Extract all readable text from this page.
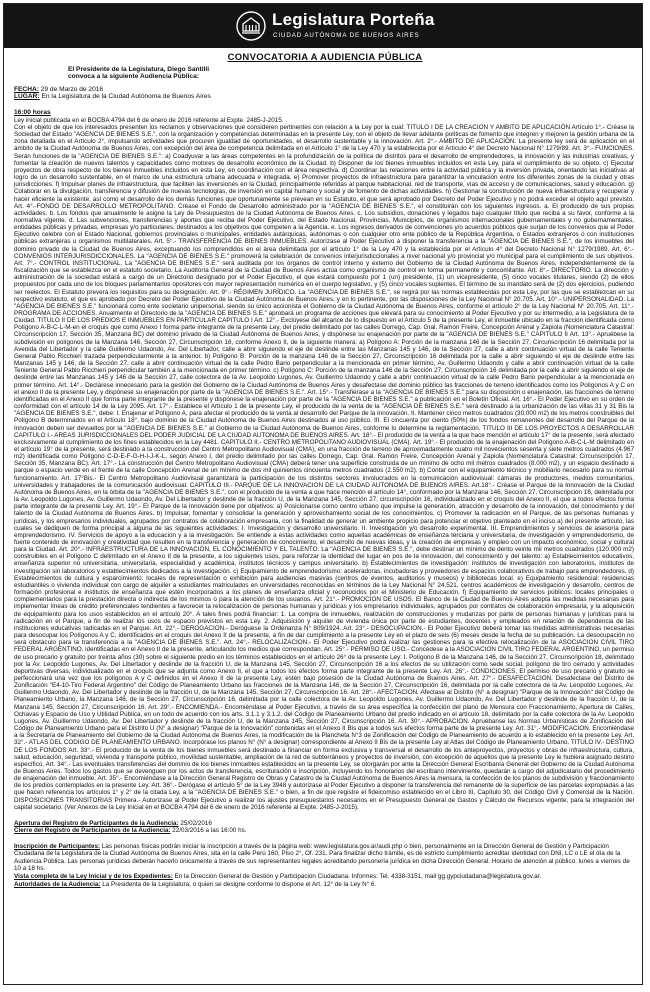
Legislatura Porteña
CIUDAD AUTÓNOMA DE BUENOS AIRES
CONVOCATORIA A AUDIENCIA PÚBLICA
El Presidente de la Legislatura, Diego Santilli
convoca a la siguiente Audiencia Pública:
FECHA: 29 de Marzo de 2016
LUGAR: En la Legislatura de la Ciudad Autónoma de Buenos Aires
16:00 horas
Ley inicial publicada en el BOCBA 4794 del 6 de enero de 2016 referente al Expte. 2485-J-2015.
Con el objeto de que los interesados presenten los reclamos y observaciones que consideren pertinentes con relación a la Ley por la cual: TITULO I DE LA CREACION Y AMBITO DE APLICACIÓN Artículo 1°.- Créase la Sociedad del Estado "AGENCIA DE BIENES S.E.", con la organización y competencias determinadas en la presente Ley, con el objeto de llevar adelante políticas de fomento que integren y mejoren la gestión urbana de la zona detallada en el Artículo 2°, impulsando actividades que procuren igualdad de oportunidades, el desarrollo sustentable y la innovación. Art. 2°.- AMBITO DE APLICACIÓN. La presente ley será de aplicación en el ámbito de la Ciudad Autónoma de Buenos Aires, con excepción del área de competencia delimitada en el Artículo 1° de la Ley 470 y la establecida por el Artículo 4° del Decreto Nacional N° 1279/89. Art. 3°.- FUNCIONES. Serán funciones de la "AGENCIA DE BIENES S.E.": a) Coadyuvar a las áreas competentes en la profundización de la política de distritos para el desarrollo de emprendedores, la innovación y las industrias creativas, y fomentar la creación de nuevos talentos y capacidades como motores de desarrollo económico de la Ciudad. b) Disponer de los bienes inmuebles incluidos en esta Ley, para el cumplimiento de su objeto. c) Ejecutar proyectos de obra respecto de los bienes inmuebles incluidos en esta Ley, en coordinación con el área respectiva. d) Coordinar las relaciones entre la actividad pública y la inversión privada, orientando las iniciativas al logro de un desarrollo sustentable, en el marco de una estructura urbana adecuada e integrada. e) Promover proyectos de infraestructura para garantizar la vinculación entre los diferentes zonas de la ciudad y otras jurisdicciones. f) Impulsar planes de infraestructura, que faciliten las inversiones en la Ciudad, principalmente referidas al parque habitacional, red de transporte, vías de acceso y de comunicaciones, salud y educación. g) Colaborar en la divulgación, transferencia y difusión de nuevas tecnologías, de inversión en capital humano y social y de fomento de dichas actividades. h) Gestionar la construcción de nueva infraestructura y recuperar y hacer eficiente la existente, así como el desarrollo de los demás funciones que oportunamente se prevean en su Estatuto, el que será aprobado por Decreto del Poder Ejecutivo y no podrá exceder el objeto aquí previsto. Art. 4°.-FONDO DE DESARROLLO METROPOLITANO. Créase el Fondo de Desarrollo administrado por la "AGENCIA DE BIENES S.E.", el constituirán con los siguientes ingresos. a. El producido de sus propias actividades. b. Los fondos que anualmente le asigne la Ley de Presupuestos de la Ciudad Autónoma de Buenos Aires. c. Los subsidios, donaciones y legados bajo cualquier título que reciba a su favor, conforme a la normativa vigente. d. Las subvenciones, transferencias y aportes que reciba del Poder Ejecutivo, del Estado Nacional, Provincias, Municipios, de organismos internacionales gubernamentales y no gubernamentales, entidades públicas y privadas, empresas y/o particulares, destinados a los objetivos que competen a la Agencia. e. Los ingresos derivados de convenciones y/o acuerdos públicos que surjan de los convenios que el Poder Ejecutivo celebre con el Estado Nacional, gobiernos provinciales o municipales, entidades autárquicas, autónomas o con cualquier otro ente público de la República Argentina, o Estados extranjeros o con instituciones públicas extranjeras u organismos multilaterales. Art. 5°.- TRANSFERENCIA DE BIENES INMUEBLES. Autorízase al Poder Ejecutivo a disponer la transferencia a la "AGENCIA DE BIENES S.E.", de los inmuebles del dominio privado de la Ciudad de Buenos Aires, exceptuando los comprendidos en el área delimitada por el artículo 1° de la Ley 470 y la establecida por el Artículo 4° del Decreto Nacional N° 1279/1989. Art. 6°.- CONVENIOS INTERJURISDICCIONALES. La "AGENCIA DE BIENES S.E." promoverá la celebración de convenios interjurisdiccionales a nivel nacional y/o provincial y/o municipal para el cumplimiento de sus objetivos. Art. 7°.- CONTROL INSTITUCIONAL. La "AGENCIA DE BIENES S.E." será auditada por los órganos de control interno y externo del Gobierno de la Ciudad Autónoma de Buenos Aires, independientemente de la fiscalización que se establezca en el estatuto societario. La Auditoría General de la Ciudad de Buenos Aires actúa como organismo de control en forma permanente y concomitante. Art. 8°.- DIRECTORIO. La dirección y administración de la sociedad estará a cargo de un Directorio designado por el Poder Ejecutivo, el que estará compuesto por 1 (un) presidente, (1) un vicepresidente, (5) cinco vocales titulares, siendo (2) de ellos propuestos por cada uno de los bloques parlamentarios opositores con mayor representación numérica en el cuerpo legislativo, y (5) cinco vocales suplentes. El término de su mandato será de (2) dos ejercicios, pudiendo ser reelectos. El Estatuto preverá los requisitos para su designación. Art. 9°.- RÉGIMEN JURÍDICO. La "AGENCIA DE BIENES S.E.", se regirá por las normas establecidas por esta Ley, por las que se establezcan en su respectivo estatuto, el que es aprobado por Decreto del Poder Ejecutivo de la Ciudad Autónoma de Buenos Aires, y en lo pertinente, por las disposiciones de la Ley Nacional N° 20.705. Art. 10°.- UNIPERSONALIDAD. La "AGENCIA DE BIENES S.E." funcionará como ente societario unipersonal, siendo su único accionista el Gobierno de la Ciudad Autónoma de Buenos Aires, conforme el artículo 2° de la Ley Nacional N° 20.705. Art. 11°.- PROGRAMA DE ACCIONES. Anualmente el Directorio de la "AGENCIA DE BIENES S.E." aprobará un programa de acciones que elevará para su conocimiento al Poder Ejecutivo y por su intermedio, a la Legislatura de la Ciudad. TITULO II DE LOS PREDIOS E INMUEBLES EN PARTICULAR CAPITULO I Art. 12°.- Exclúyese del alcance de lo dispuesto en el Artículo 5 de la presente Ley, el inmueble ubicado en la fracción identificada como Polígono A-B-C-L-M-en el croquis que como Anexo I forma parte integrante de la presente Ley, del predio delimitado por las calles Dorrego, Cap. Gral. Ramón Freire, Concepción Arenal y Zapiola (Nomenclatura Catastral: Circunscripción 17, Sección 35, Manzana BC) del dominio privado de la Ciudad Autónoma de Buenos Aires, y dispónese su enajenación por parte de la "AGENCIA DE BIENES S.E." CAPITULO II Art. 13°.- Apruébese la subdivisión en polígonos de la Manzana 146, Sección 27, Circunscripción 16, conforme Anexo II, de la siguiente manera: a) Polígono A: Porción de la manzana 146 de la Sección 27, Circunscripción 16 delimitada por la Avenida del Libertador y la calle Guillermo Udaondo, Av. Del Libertador, calle a abrir siguiendo el eje de deslinde entre las Manzanas 145 y 146, de la Sección 27, calle a abrir continuación virtual de la calle Teniente General Pablo Ricchieri trazada perpendicularmente a la anterior. b) Polígono B: Porción de la manzana 146 de la Sección 27, Circunscripción 16 delimitada por la calle a abrir siguiendo el eje de deslinde entre las Manzanas 145 y 146, de la Sección 27, calle a abrir continuación virtual de la calle Pedro Bario perpendicular a la mencionada en primer término, Av. Guillermo Udaondo y calle a abrir continuación virtual de la calle Teniente General Pablo Ricchieri perpendicular también a la mencionada en primer término. c) Polígono C: Porción de la manzana 146 de la Sección 27, Circunscripción 16 delimitada por la calle a abrir siguiendo el eje de deslinde entre las Manzanas 145 y 146 de la Sección 27, calle colectora de la Av. Leopoldo Lugones, Av. Guillermo Udaondo y calle a abrir continuación virtual de la calle Pedro Bario perpendicular a la mencionada en primer término. Art. 14°.- Declárese innecesario para la gestión del Gobierno de la Ciudad Autónoma de Buenos Aires y desafectase del dominio público las fracciones de terreno identificados como los Polígonos A y C en el anexo II de la presente Ley, y dispónese su enajenación por parte de la "AGENCIA DE BIENES S.E.". Art. 15°.- Transfiérase a la "AGENCIA DE BIENES S.E." para su disposición o enajenación, las fracciones de terreno identificadas en el Anexo II que forma parte integrante de la presente y dispónese la enajenación por parte de la "AGENCIA DE BIENES S.E." a publicación en el Boletín Oficial. Art. 16°.- El Poder Ejecutivo en su orden de conformidad con el artículo 14 de la Ley 2095. Art. 17°.- Establece el Artículo 1 de la presente Ley, el producido de la venta de la "AGENCIA DE BIENES S.E." será destinado a la urbanización de las villas 31 y 31 Bis la "AGENCIA DE BIENES S.E.", debe: I. Enajenar el Polígono A, para afectar el producido de la venta al desarrollo del Parque de la Innovación. II. Mantener cinco metros cuadrados (30.000 m2) de los metros construibles del Polígono B determinados en el Artículo 18°, bajo dominio de la Ciudad Autónoma de Buenos Aires destinados al uso público. III. El cincuenta por ciento (50%) de los fondos remanentes del desarrollo del Parque de la Innovación deben ser devueltos por la "AGENCIA DE BIENES S.E." al Gobierno de la Ciudad Autónoma de Buenos Aires, conforme lo determine la reglamentación. TITULO III DE LOS PROYECTOS A DESARROLLAR CAPITULO I.- AREAS JURISDICCIONALES DEL PODER JUDICIAL DE LA CIUDAD AUTONOMA DE BUENOS AIRES. Art. 18°.- El producido de la venta a la que hace mención el artículo 17° de la presente, será afectado exclusivamente al cumplimiento de los fines establecidos en la Ley 4481. CAPITULO II.- CENTRO METROPOLITANO AUDIOVISUAL (CMA). Art. 19°.- El producido de la enajenación del Polígono A-B-C-L-M delimitado en el artículo 19° de la presente, será destinado a la construcción del Centro Metropolitano Audiovisual (CMA), en una fracción de terreno de aproximadamente cuatro mil novecientos sesenta y siete metros cuadrados (4.967 m2) identificada como Polígono C-D-E-F-G-H-I-J-K-L, según Anexo I, del predio delimitado por las calles Dorrego, Cap. Gral. Ramón Freire, Concepción Arenal y Zapiola (Nomenclatura Catastral: Circunscripción 17, Sección 35, Manzana BC). Art. 17°.- La construcción del Centro Metropolitano Audiovisual (CMA) deberá tener una superficie construida de un mínimo de ocho mil metros cuadrados (8.000 m2), y un espacio destinado a parque o espacio verde en el frente de la calle Concepción Arenal de un mínimo de dos mil quinientos cincuenta metros cuadrados (2.550 m2). b) Contar con el equipamiento técnico y mobiliario necesario para su normal funcionamiento. Art. 17°Bis.- El Centro Metropolitano Audiovisual garantizará la participación de los distintos sectores involucrados en la comunicación audiovisual: cámaras de productores, medios comunitarios, universidades y trabajadores de la comunicación audiovisual. CAPITULO III.- PARQUE DE LA INNOVACION DE LA CIUDAD AUTONOMA DE BUENOS AIRES. Art.18°.- Créase el Parque de la Innovación de la Ciudad Autónoma de Buenos Aires, en la órbita de la "AGENCIA DE BIENES S.E.", con el producido de la venta a que hace mención el artículo 14°, conformado por la Manzana 146, Sección 27, Circunscripción 16, delimitada por la Av. Leopoldo Lugones, Av. Guillermo Udaondo, Av. Del Libertador y deslinde de la fracción U, de la Manzana 145, Sección 27, circunscripción 16, individualizado en el croquis del Anexo II, el que a todos efectos forma parte integrante de la presente Ley. Art. 19°.- El Parque de la Innovación tiene por objetivos: a) Posicionarse como centro urbano que impulse la generación, atracción y desarrollo de la innovación, del conocimiento y del talento de la Ciudad Autónoma de Buenos Aires. b) Impulsar, fomentar y consolidar la generación y aprovechamiento social de los conocimientos. c) Promover la radicación en el Parque, de las personas humanas y jurídicas, y los empresarios individuales, agrupados por contratos de colaboración empresaria, con la finalidad de generar un ambiente propicio para potenciar el objetivo planteado en el inciso a) del presente artículo, las cuales se dediquen de forma principal a alguna de las siguientes actividades: I. Investigación y desarrollo universitario. II. Investigación y/o desarrollo experimental. III. Emprendimientos y servicios de asesoría para emprendedorismo. IV. Servicios de apoyo a la educación y a la investigación. Se entiende a estas actividades como aquellas académicas de enseñanza terciaria y universitaria, de investigación y emprendedorismo, de fuerte contenido de innovación y creatividad que resulten en la transferencia y generación de conocimiento, el desarrollo de nuevas ideas, y la creación de empresas y empleo con un impacto económico, social y cultural para la Ciudad. Art. 20°.- INFRAESTRUCTURA DE LA INNOVACIÓN, EL CONOCIMIENTO Y EL TALENTO. La "AGENCIA DE BIENES S.E.", debe destinar un mínimo de dento veinte mil metros cuadrados (120.000 m2) construibles en el Polígono C delimitado en el Anexo II de la presente, a los siguientes usos, para reforzar la identidad del lugar en pos de la innovación, del conocimiento y del talento: a) Establecimientos educativos; enseñanza superior no universitaria, universitaria, especialidad y académica, institutos técnicos y campus universitario. b) Establecimientos de investigación: institutos de investigación con laboratorios, institutos de investigación sin laboratorios y establecimientos dedicados a la investigación. c) Equipamiento de emprendedorismo: aceleradoras, incubadoras y proveedores de espacios colaborativos de trabajo para emprendedores. d) Establecimientos de cultura y esparcimiento: locales de representación o exhibición para audiencias masivas (centros de eventos, auditorios y museos) y bibliotecas local. e) Equipamiento residencial: residencias estudiantiles o vivienda individual con cargo de alquiler a estudiantes matriculados en universidades reconocidas en términos de la Ley Nacional N° 24.521, centros académicos de investigación y desarrollo, centros de formación profesional e institutos de enseñanza que estén incorporados a los planes de enseñanza oficial y reconocidos por el Ministerio de Educación. f) Equipamiento de servicios públicos: locales principales o complementarios para la prestación directa o indirecta de los mismos o para la atención de los usuarios. Art. 21°.- PROMOCION DE USOS. El Banco de la Ciudad de Buenos Aires adopta las medidas necesarias para implementar líneas de crédito preferenciales tendientes a favorecer la relocalización de personas humanas y jurídicas y los empresarios individuales, agrupados por contratos de colaboración empresaria, y la adquisición de equipamiento para los usos establecidos en el artículo 20°. A tales fines podrá financiar: 1. La compra de inmuebles, realización de construcciones y mudanzas por parte de personas humanas y jurídicas para la radicación en el Parque, a fin de realizar los usos de espacio previstos en esta Ley. 2. Adquisición y alquiler de vivienda única por parte de estudiantes, docentes y empleados en relación de dependencia de las instituciones educativas radicadas en el Parque. Art. 22°.- DEROGACION.- Deróguese la Ordenanza N° 809/1924. Art. 23°.- DESOCUPACION.- El Poder Ejecutivo deberá tomar las medidas administrativas necesarias para desocupar los Polígonos A y C, identificados en el croquis del Anexo II de la presente, a fin de dar cumplimiento a la presente Ley en el plazo de seis (6) meses desde la fecha de su publicación. La desocupación no será obstáculo para la transferencia a la "AGENCIA DE BIENES S.E.". Art. 24°.- RELOCALIZACION.- El Poder Ejecutivo podrá realizar las gestiones para la efectiva relocalización de la ASOCIACION CIVIL TIRO FEDERAL ARGENTINO, identificadas en el Anexo II de la presente, articulando los medios que correspondan. Art. 25°.- PERMISO DE USO.- Concédese a la ASOCIACION CIVIL TIRO FEDERAL ARGENTINO, un permiso de uso precario y gratuito por treinta años (30) sobre el siguiente predio en los términos establecidos en el artículo 26° de la presente Ley: I. Polígono B de la Manzana 146, de la Sección 27, Circunscripción 18, delimitado por la Av. Leopoldo Lugones, Av. Del Libertador y deslinde de la fracción U, de la Manzana 145, Sección 27, Circunscripción 16 a los efectos de su utilización como sede social, polígono de tiro cerrado y actividades deportivas diversas, individualizado en el croquis que se adjunta como Anexo II, el que a todos los efectos forma parte integrante de la presente Ley. Art. 26°.- CONDICIONES. El permiso de uso precario y gratuito se perfeccionará una vez que los polígonos A y C definidos en el Anexo II de la presente Ley, estén bajo posesión de la Ciudad Autónoma de Buenos Aires. Art. 27°.- DESAFECTACION. Desafectase del Distrito de Zonificación "E4-10-Tiro Federal Argentino" del Código de Planeamiento Urbano las fracciones de la Manzana 146, de la Sección 27, Circunscripción 16, delimitada por la calle colectora de la Av. Leopoldo Lugones, Av. Guillermo Udaondo, Av. Del Libertador y deslinde de la fracción U, de la Manzana 145, Sección 27, Circunscripción 16. Art. 28°.- AFECTACION. Afectase al Distrito (N° a designar) "Parque de la Innovación" del Código de Planeamiento Urbano, la Manzana 146, de la Sección 27, Circunscripción 16, delimitada por la calle colectora de la Av. Leopoldo Lugones, Av. Guillermo Udaondo, Av. Del Libertador y deslinde de la fracción U, de la Manzana 145, Sección 27, Circunscripción 16. Art. 29°.- ENCOMIENDA.- Encomiéndase al Poder Ejecutivo, a través de su área específica la confección del plano de Mensura con Fraccionamiento, Apertura de Calles, Ochavas y Espacio de Uso y Utilidad Pública, en un todo de acuerdo con los arts. 3.1.1 y 3.1.2. del Código de Planeamiento Urbano del predio indicado en el artículo 18, delimitado por la calle colectora de la Av. Leopoldo Lugones, Av. Guillermo Udaondo, Av. Del Libertador y deslinde de la fracción U, de la Manzana 145, Sección 27, Circunscripción 16. Art. 30°.- APROBACION. Apruébanse las Normas Urbanísticas de Zonificación del Código de Planeamiento Urbano para el Distrito U (N° a designar) "Parque de la Innovación" contenidas en el Anexo II Bis que a todos sus efectos forma parte de la presente Ley. Art. 31°.- MODIFICACION. Encomiéndase a la Secretaría de Planeamiento del Gobierno de la Ciudad Autónoma de Buenos Aires, la modificación de la Plancheta N°3 de Zonificación del Código de Planeamiento de acuerdo a lo establecido en la presente Ley. Art. 32°.- ATLAS DEL CODIGO DE PLANEAMIENTO URBANO. Incorpórase los planos N° (N° a designar) correspondiente al Anexo II Bis de la presente Ley al Atlas del Código de Planeamiento Urbano. TITULO IV.- DESTINO DE LOS FONDOS Art. 33°.- El producido de la venta de los bienes inmuebles será destinado a financiar en forma exclusiva y transversal el desarrollo de los anteproyectos, proyectos y obras de infraestructura, cultura, salud, educación, seguridad, vivienda y transporte público, movilidad sustentable, ampliación de la red de subterráneos y proyectos de inversión, con excepción de aquellos que la presente Ley le hubiera asignado destino específico. Art. 34°.- Las eventuales transferencias del dominio de los bienes inmuebles establecidos en la presente Ley, se otorgarán por ante la Dirección General Escribanía General del Gobierno de la Ciudad Autónoma de Buenos Aires. Todos los gastos que se devenguen por los actos de transferencia, escrituración e inscripción, incluyendo los honorarios del escribano interviniente, quedarán a cargo del adjudicatario del procedimiento de enajenación del inmueble. Art. 35°.- Encomiéndase a la Dirección General Registro de Obras y Catastro de la Ciudad Autónoma de Buenos Aires la mensura, la confección de los planos de subdivisión y fraccionamiento de los predios contemplados en la presente Ley. Art. 36°.- Derógase el artículo 5° de la Ley 3948 y autorizase al Poder Ejecutivo a disponer la transferencia del remanente de la superficie de las parcelas expropiadas a las que hacen referencia los artículos 1° y 2° de la citada Ley, a la "AGENCIA DE BIENES S.E." o bien, a fin de que registre el fideicomiso establecido en el Libro III, Capítulo 30, del Código Civil y Comercial de la Nación. DISPOSICIONES TRANSITORIAS Primera.- Autorízase al Poder Ejecutivo a realizar los ajustes presupuestarios necesarios en el Presupuesto General de Gastos y Cálculo de Recursos vigente, para la integración del capital societario. (Ver Anexos de la Ley Inicial en el BOCBA 4794 del 6 de enero de 2016 referente al Expte. 2485-J-2015).
Apertura del Registro de Participantes de la Audiencia: 25/02/2016
Cierre del Registro de Participantes de la Audiencia: 22/03/2016 a las 16:00 hs.
Inscripción de Participantes: Las personas físicas podrán iniciar la inscripción a través de la página web: www.legislatura.gov.ar/audi.php o bien, personalmente en la Dirección General de Gestión y Participación Ciudadana de la Legislatura de la Ciudad Autónoma de Buenos Aires, sita en la calle Perú 160, Piso 2°, Of. 231. Para finalizar dicho trámite, es de estricto cumplimiento acreditar identidad con DNI, LC o LE el día de la Audiencia Pública. Las personas jurídicas deberán hacerlo únicamente a través de sus representantes legales acreditando personería jurídica en dicha Dirección General. Horario de atención al público: lunes a viernes de 10 a 18 hs.
Vista completa de la Ley Inicial y de los Expedientes: En la Dirección General de Gestión y Participación Ciudadana. Informes: Tel. 4338-3151, mail gg.gypciudadana@legislatura.gov.ar.
Autoridades de la Audiencia: La Presidenta de la Legislatura, o quien se designe conforme lo dispone el Art. 12° de la Ley N° 6.
